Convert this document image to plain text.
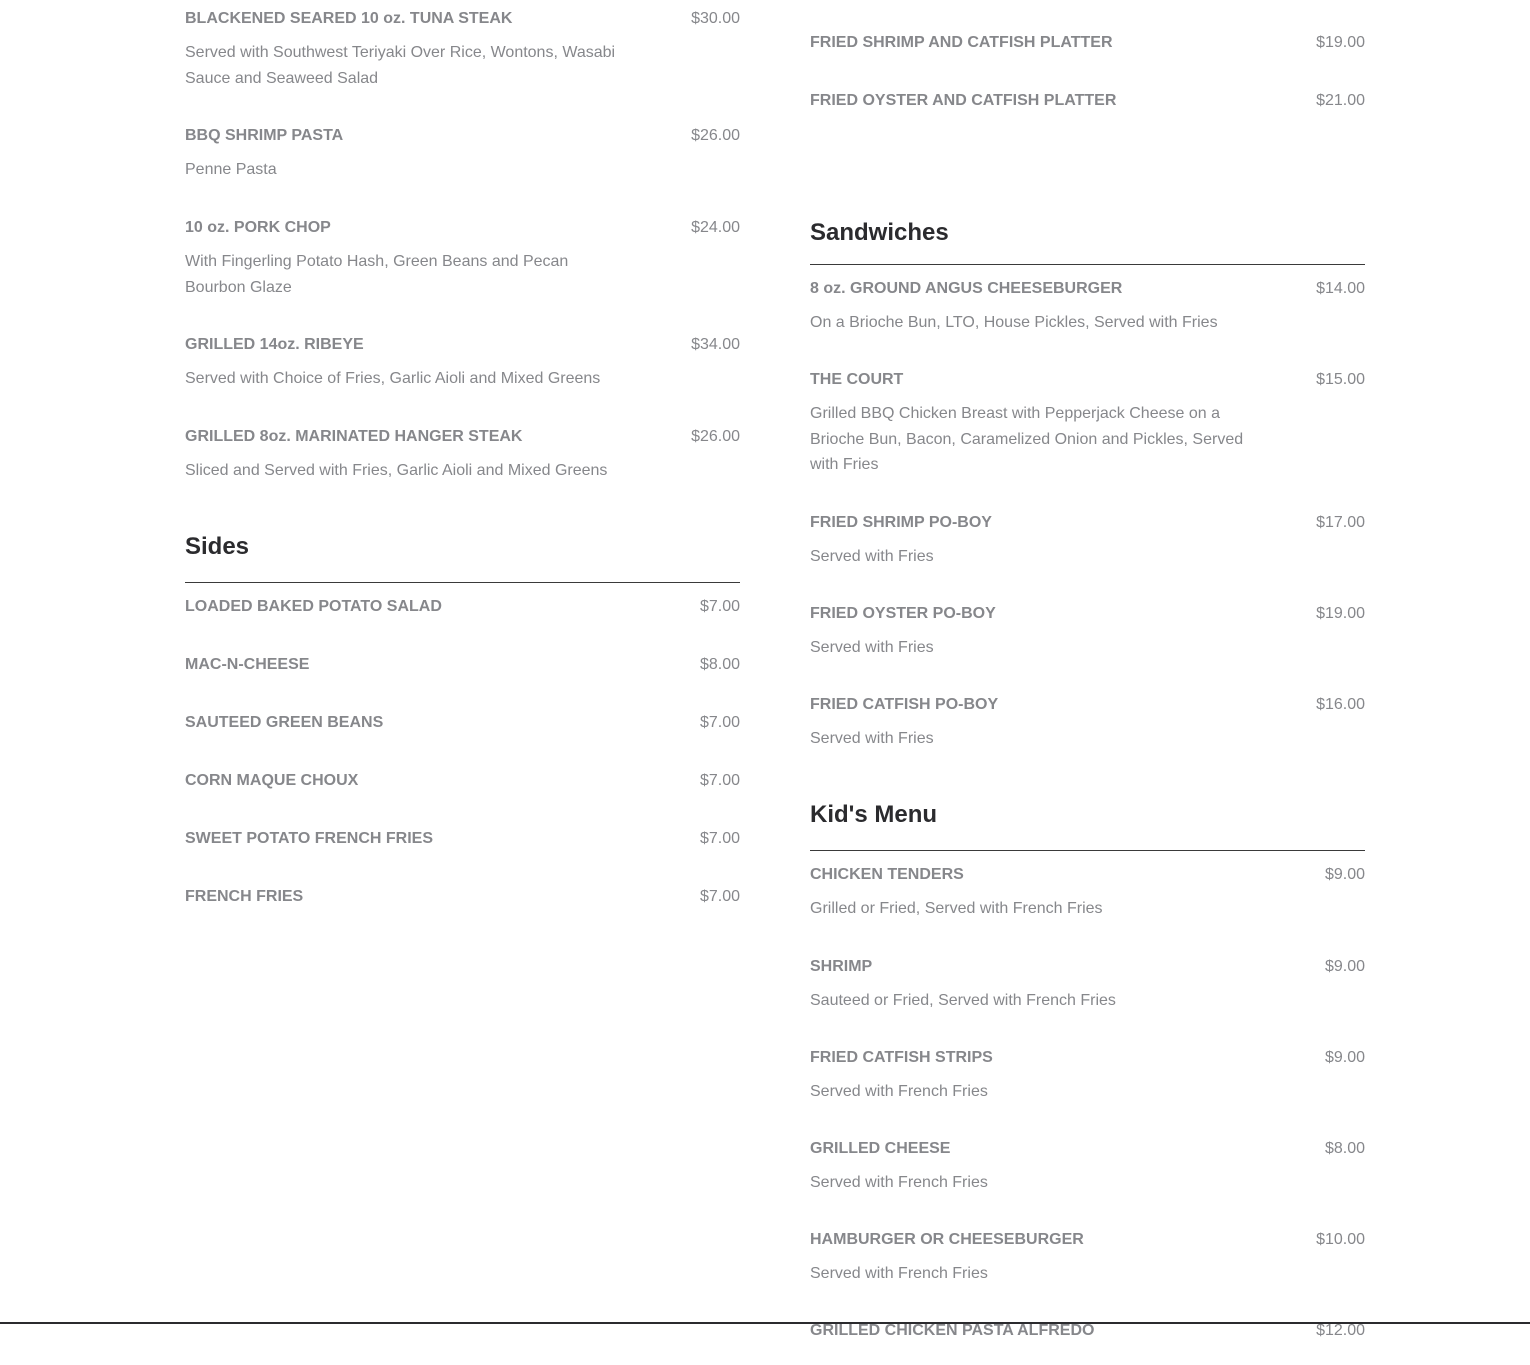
BLACKENED SEARED 10 oz. TUNA STEAK	$30.00
Served with Southwest Teriyaki Over Rice, Wontons, Wasabi Sauce and Seaweed Salad
BBQ SHRIMP PASTA	$26.00
Penne Pasta
10 oz. PORK CHOP	$24.00
With Fingerling Potato Hash, Green Beans and Pecan Bourbon Glaze
GRILLED 14oz. RIBEYE	$34.00
Served with Choice of Fries, Garlic Aioli and Mixed Greens
GRILLED 8oz. MARINATED HANGER STEAK	$26.00
Sliced and Served with Fries, Garlic Aioli and Mixed Greens
Sides
LOADED BAKED POTATO SALAD	$7.00
MAC-N-CHEESE	$8.00
SAUTEED GREEN BEANS	$7.00
CORN MAQUE CHOUX	$7.00
SWEET POTATO FRENCH FRIES	$7.00
FRENCH FRIES	$7.00
FRIED SHRIMP AND CATFISH PLATTER	$19.00
FRIED OYSTER AND CATFISH PLATTER	$21.00
Sandwiches
8 oz. GROUND ANGUS CHEESEBURGER	$14.00
On a Brioche Bun, LTO, House Pickles, Served with Fries
THE COURT	$15.00
Grilled BBQ Chicken Breast with Pepperjack Cheese on a Brioche Bun, Bacon, Caramelized Onion and Pickles, Served with Fries
FRIED SHRIMP PO-BOY	$17.00
Served with Fries
FRIED OYSTER PO-BOY	$19.00
Served with Fries
FRIED CATFISH PO-BOY	$16.00
Served with Fries
Kid's Menu
CHICKEN TENDERS	$9.00
Grilled or Fried, Served with French Fries
SHRIMP	$9.00
Sauteed or Fried, Served with French Fries
FRIED CATFISH STRIPS	$9.00
Served with French Fries
GRILLED CHEESE	$8.00
Served with French Fries
HAMBURGER OR CHEESEBURGER	$10.00
Served with French Fries
GRILLED CHICKEN PASTA ALFREDO	$12.00
